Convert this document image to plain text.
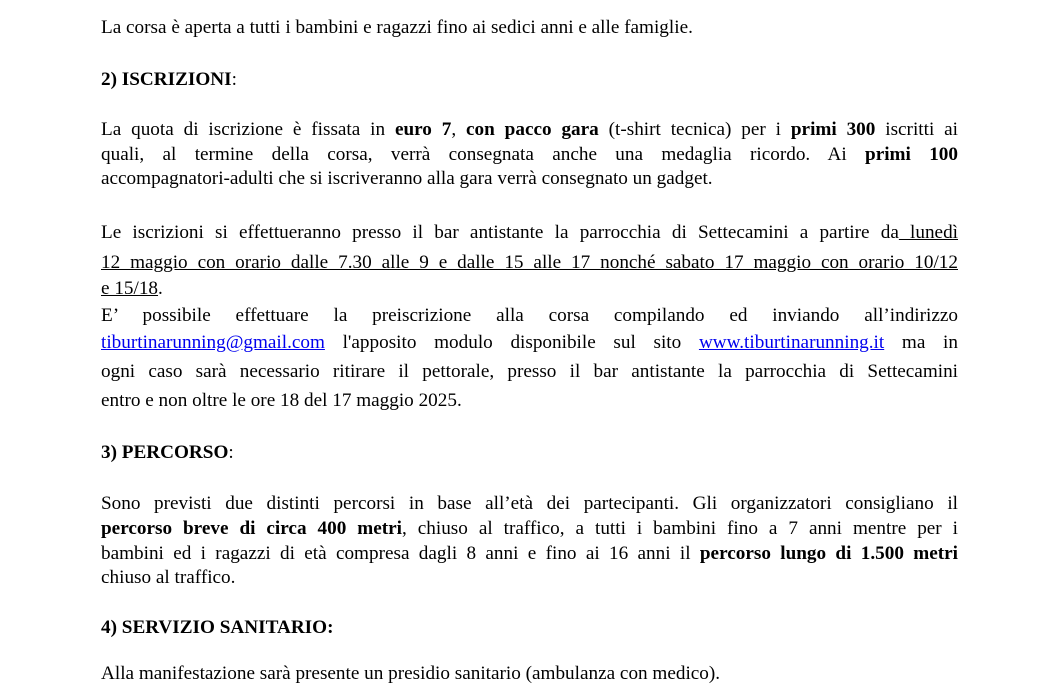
La corsa è aperta a tutti i bambini e ragazzi fino ai sedici anni e alle famiglie.
2) ISCRIZIONI:
La quota di iscrizione è fissata in euro 7, con pacco gara (t-shirt tecnica) per i primi 300 iscritti ai
quali, al termine della corsa, verrà consegnata anche una medaglia ricordo. Ai primi 100
accompagnatori-adulti che si iscriveranno alla gara verrà consegnato un gadget.
Le iscrizioni si effettueranno presso il bar antistante la parrocchia di Settecamini a partire da lunedì
12 maggio con orario dalle 7.30 alle 9 e dalle 15 alle 17 nonché sabato 17 maggio con orario 10/12
e 15/18.
E’ possibile effettuare la preiscrizione alla corsa compilando ed inviando all’indirizzo
tiburtinarunning@gmail.com l'apposito modulo disponibile sul sito www.tiburtinarunning.it ma in
ogni caso sarà necessario ritirare il pettorale, presso il bar antistante la parrocchia di Settecamini
entro e non oltre le ore 18 del 17 maggio 2025.
3) PERCORSO:
Sono previsti due distinti percorsi in base all’età dei partecipanti. Gli organizzatori consigliano il
percorso breve di circa 400 metri, chiuso al traffico, a tutti i bambini fino a 7 anni mentre per i
bambini ed i ragazzi di età compresa dagli 8 anni e fino ai 16 anni il percorso lungo di 1.500 metri
chiuso al traffico.
4) SERVIZIO SANITARIO:
Alla manifestazione sarà presente un presidio sanitario (ambulanza con medico).
